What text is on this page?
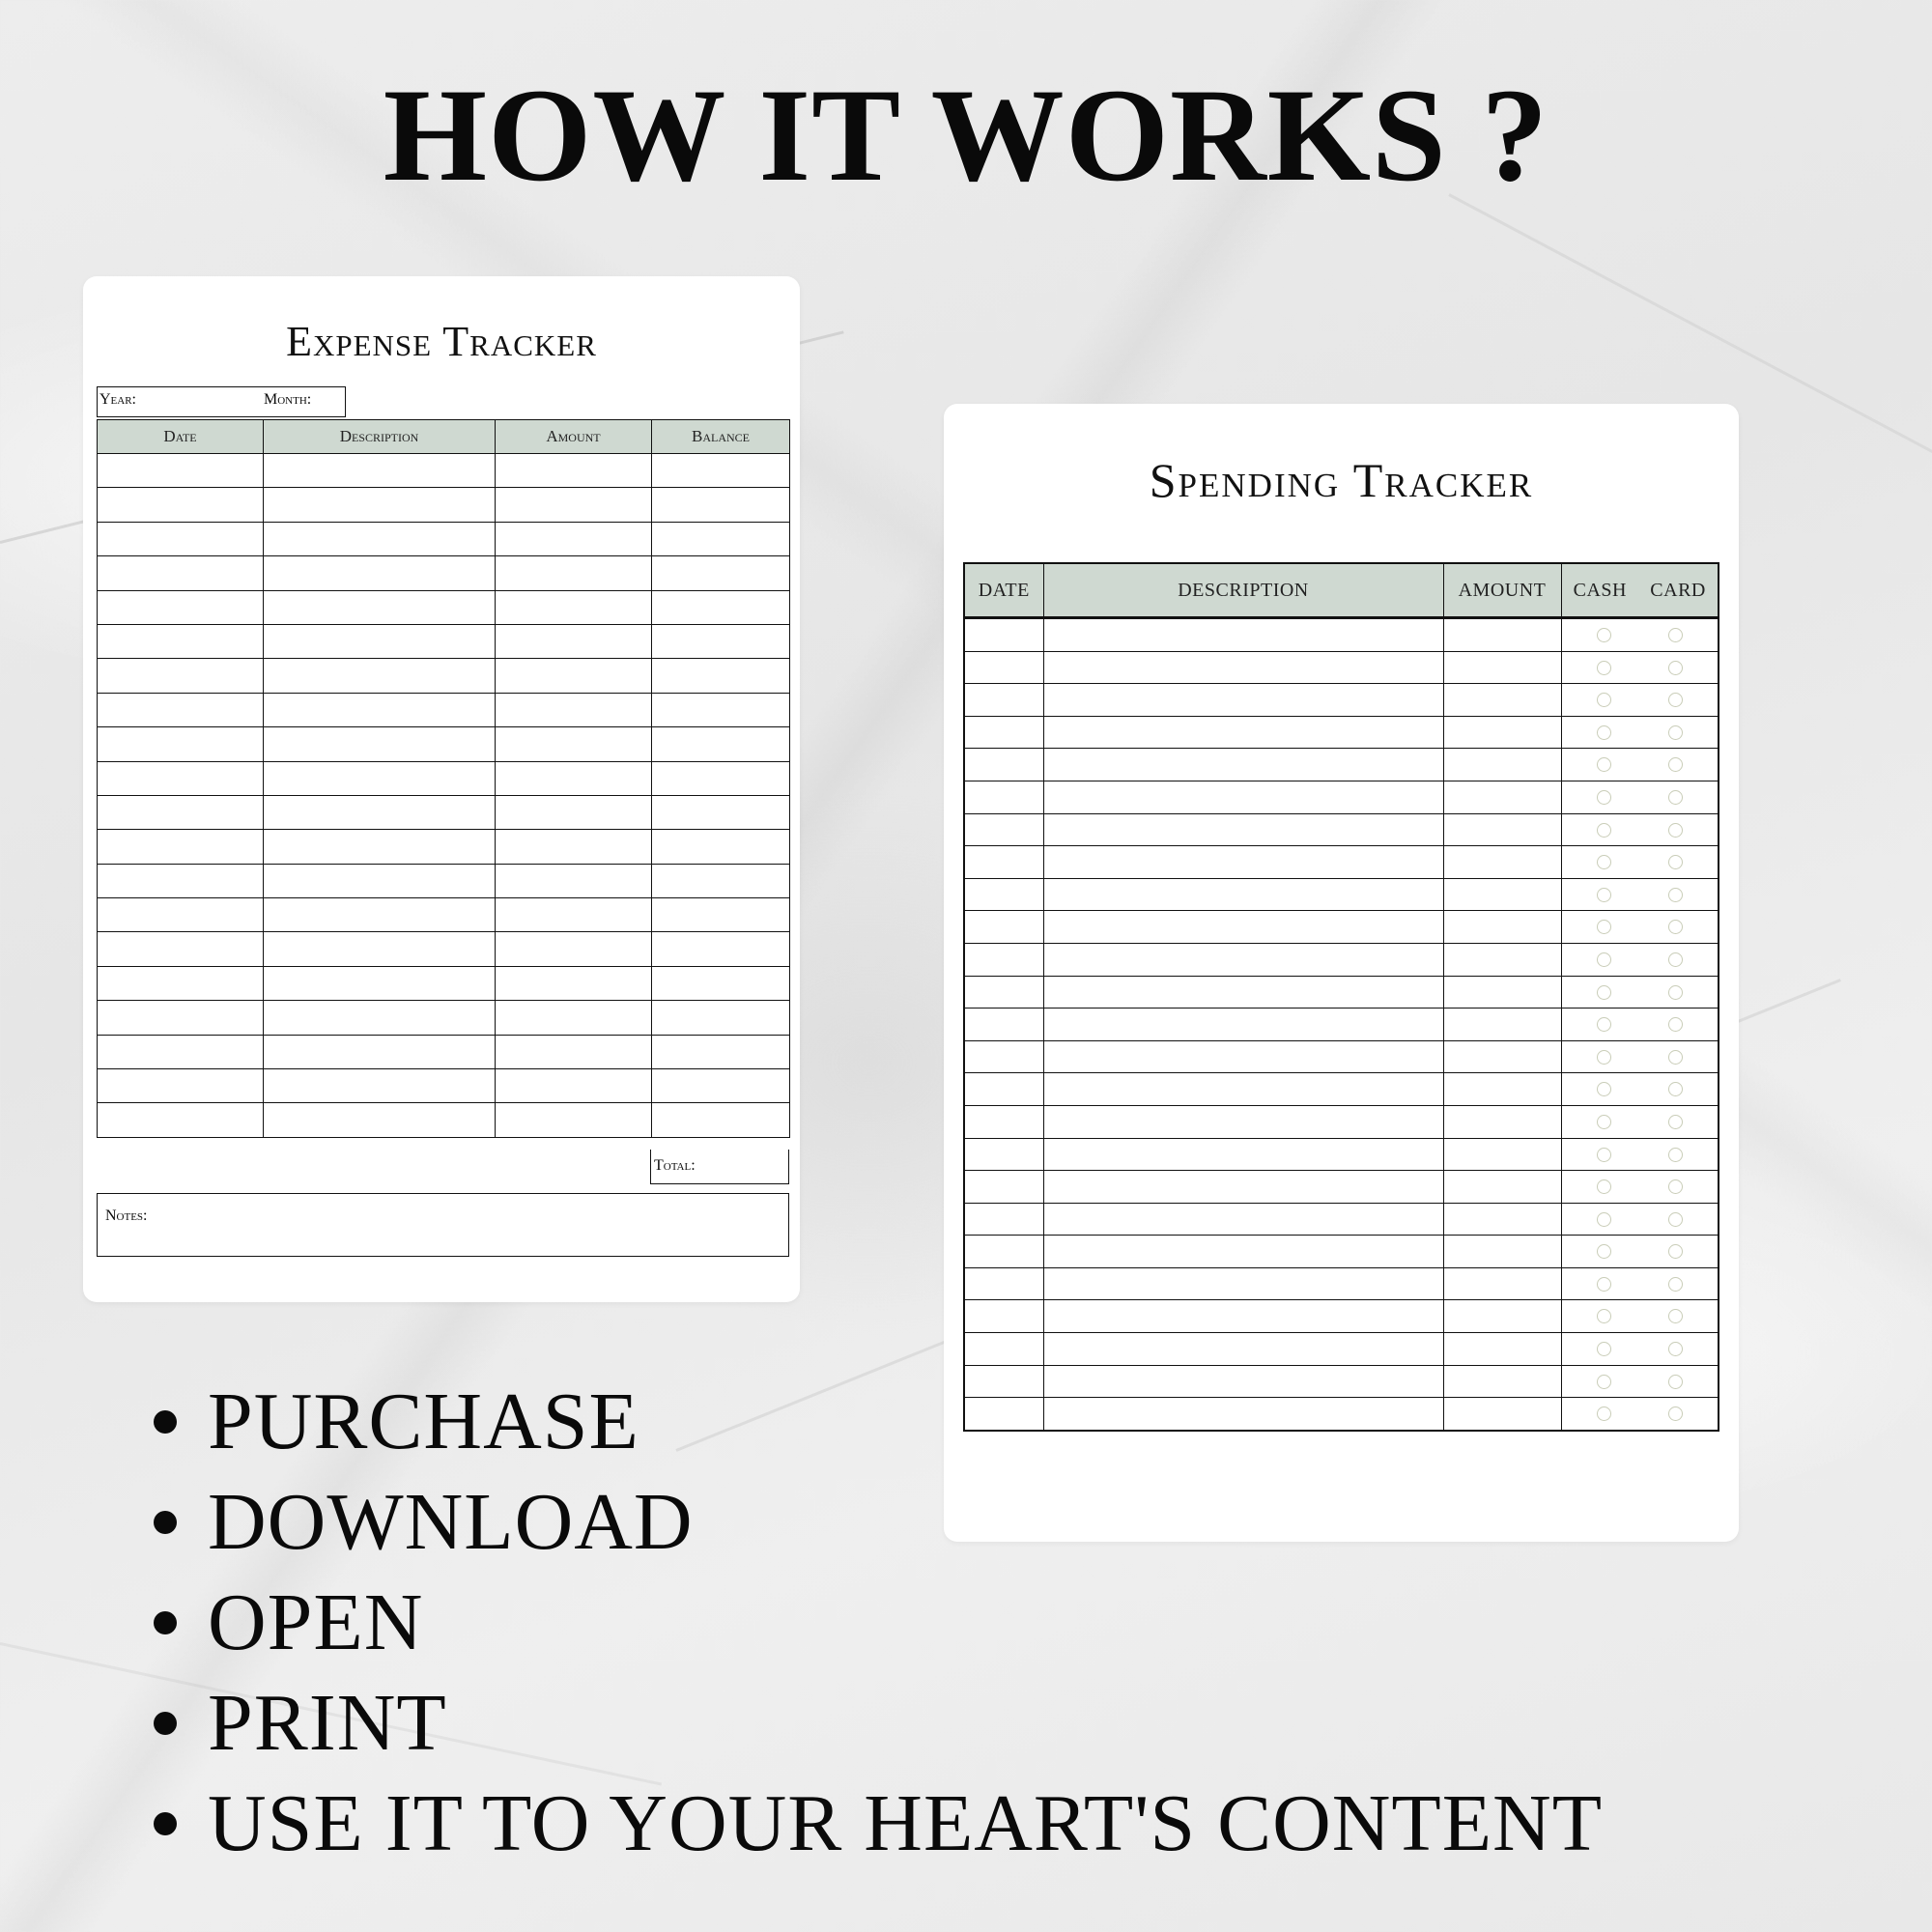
HOW IT WORKS ?
Expense Tracker
Year:	Month:
Date	Description	Amount	Balance

Total:
Notes:
Spending Tracker
DATE	DESCRIPTION	AMOUNT	CASH CARD

PURCHASE
DOWNLOAD
OPEN
PRINT
USE IT TO YOUR HEART'S CONTENT
